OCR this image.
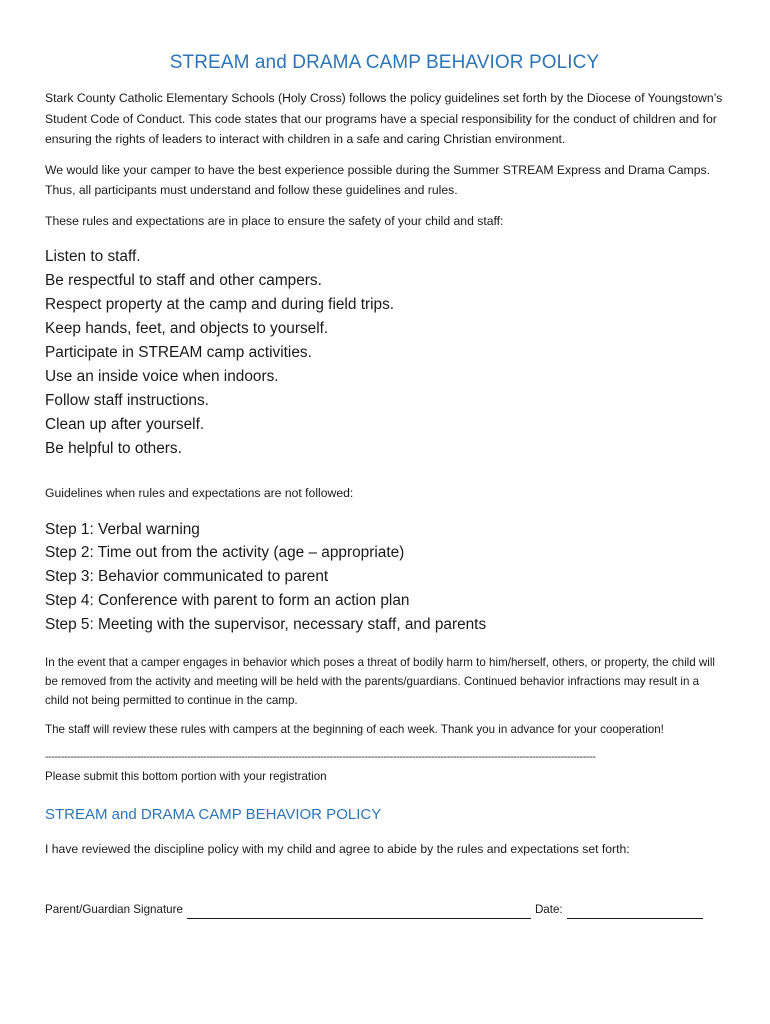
STREAM and DRAMA CAMP BEHAVIOR POLICY

Stark County Catholic Elementary Schools (Holy Cross) follows the policy guidelines set forth by the Diocese of Youngstown’s Student Code of Conduct. This code states that our programs have a special responsibility for the conduct of children and for ensuring the rights of leaders to interact with children in a safe and caring Christian environment.

We would like your camper to have the best experience possible during the Summer STREAM Express and Drama Camps. Thus, all participants must understand and follow these guidelines and rules.

These rules and expectations are in place to ensure the safety of your child and staff:

Listen to staff.
Be respectful to staff and other campers.
Respect property at the camp and during field trips.
Keep hands, feet, and objects to yourself.
Participate in STREAM camp activities.
Use an inside voice when indoors.
Follow staff instructions.
Clean up after yourself.
Be helpful to others.

Guidelines when rules and expectations are not followed:

Step 1: Verbal warning
Step 2: Time out from the activity (age – appropriate)
Step 3: Behavior communicated to parent
Step 4: Conference with parent to form an action plan
Step 5: Meeting with the supervisor, necessary staff, and parents

In the event that a camper engages in behavior which poses a threat of bodily harm to him/herself, others, or property, the child will be removed from the activity and meeting will be held with the parents/guardians. Continued behavior infractions may result in a child not being permitted to continue in the camp.

The staff will review these rules with campers at the beginning of each week. Thank you in advance for your cooperation!

------------------------------------------------------------------------------------------------------------------------------------------------------------------------------

Please submit this bottom portion with your registration

STREAM and DRAMA CAMP BEHAVIOR POLICY

I have reviewed the discipline policy with my child and agree to abide by the rules and expectations set forth:

Parent/Guardian Signature	Date:
